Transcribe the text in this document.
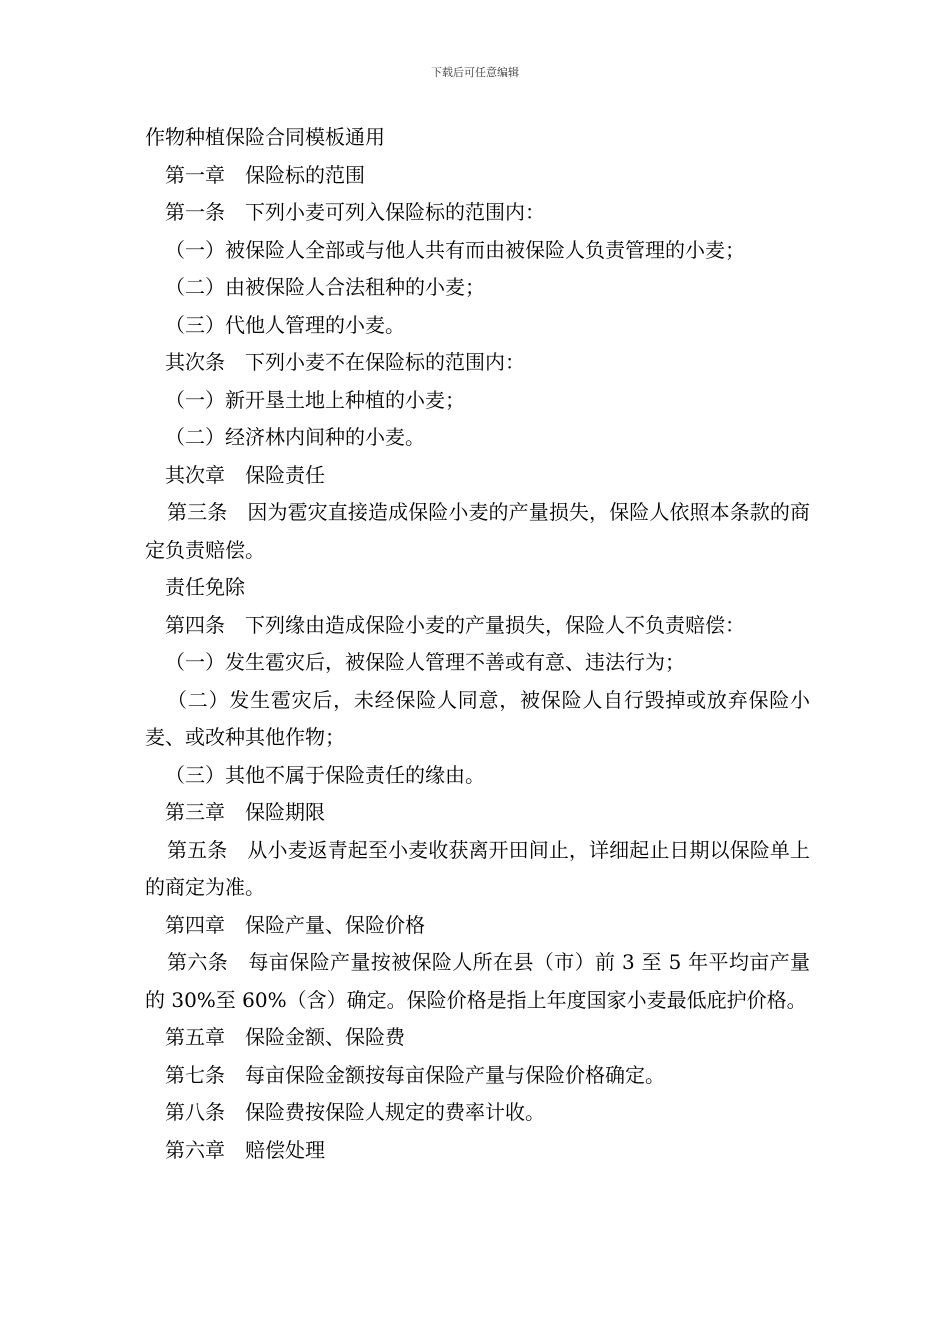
下载后可任意编辑
作物种植保险合同模板通用
第一章　保险标的范围
第一条　下列小麦可列入保险标的范围内：
（一）被保险人全部或与他人共有而由被保险人负责管理的小麦；
（二）由被保险人合法租种的小麦；
（三）代他人管理的小麦。
其次条　下列小麦不在保险标的范围内：
（一）新开垦土地上种植的小麦；
（二）经济林内间种的小麦。
其次章　保险责任
第三条　因为雹灾直接造成保险小麦的产量损失，保险人依照本条款的商定负责赔偿。
责任免除
第四条　下列缘由造成保险小麦的产量损失，保险人不负责赔偿：
（一）发生雹灾后，被保险人管理不善或有意、违法行为；
（二）发生雹灾后，未经保险人同意，被保险人自行毁掉或放弃保险小麦、或改种其他作物；
（三）其他不属于保险责任的缘由。
第三章　保险期限
第五条　从小麦返青起至小麦收获离开田间止，详细起止日期以保险单上的商定为准。
第四章　保险产量、保险价格
第六条　每亩保险产量按被保险人所在县（市）前 3 至 5 年平均亩产量的 30%至 60%（含）确定。保险价格是指上年度国家小麦最低庇护价格。
第五章　保险金额、保险费
第七条　每亩保险金额按每亩保险产量与保险价格确定。
第八条　保险费按保险人规定的费率计收。
第六章　赔偿处理
